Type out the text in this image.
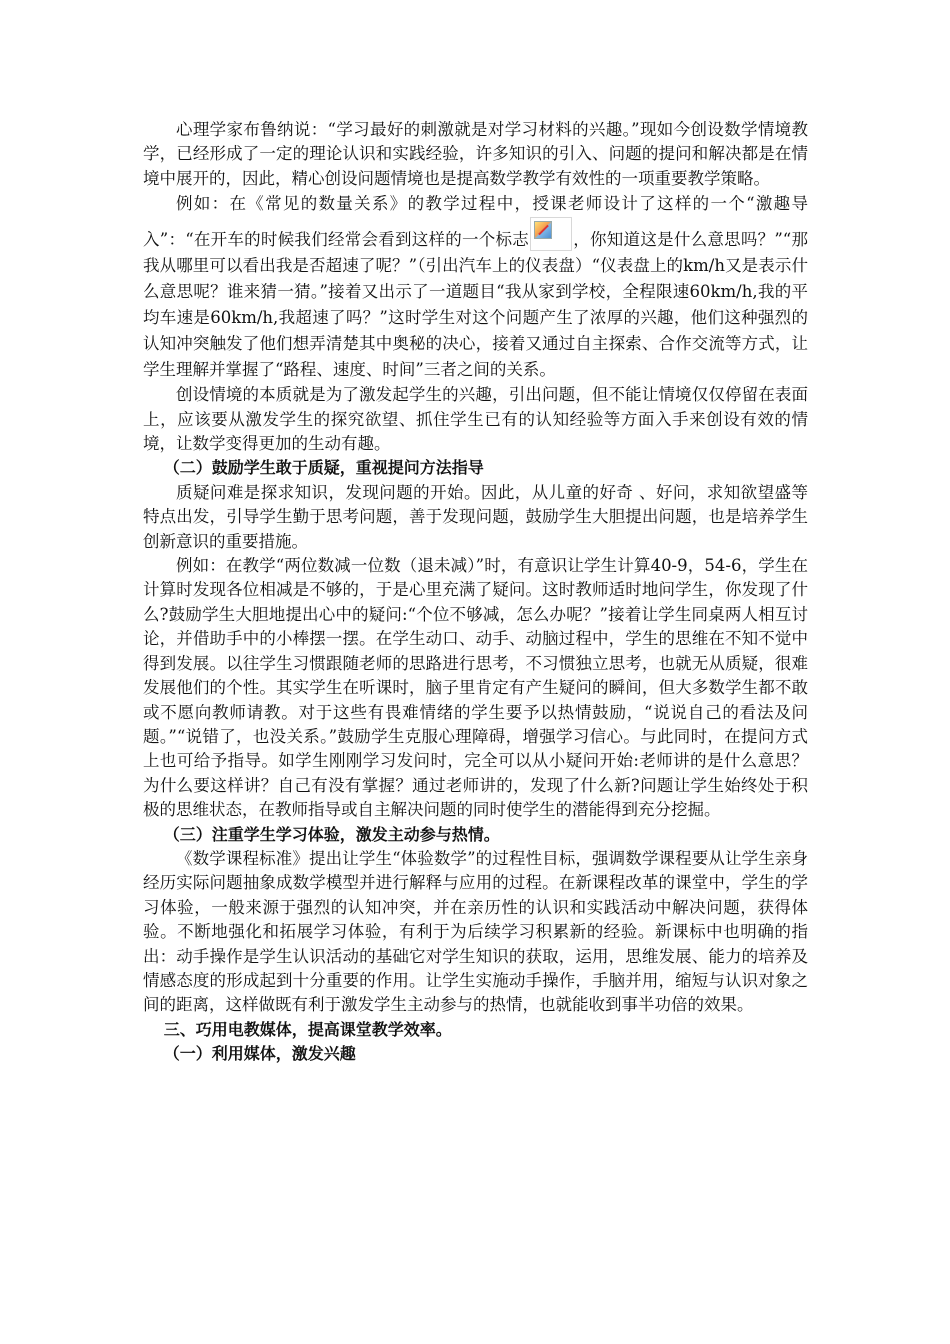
心理学家布鲁纳说：“学习最好的刺激就是对学习材料的兴趣。”现如今创设数学情境教学，已经形成了一定的理论认识和实践经验，许多知识的引入、问题的提问和解决都是在情境中展开的，因此，精心创设问题情境也是提高数学教学有效性的一项重要教学策略。

例如：在《常见的数量关系》的教学过程中，授课老师设计了这样的一个“激趣导入”：“在开车的时候我们经常会看到这样的一个标志	，你知道这是什么意思吗？”“那我从哪里可以看出我是否超速了呢？”（引出汽车上的仪表盘）“仪表盘上的km/h又是表示什么意思呢？谁来猜一猜。”接着又出示了一道题目“我从家到学校，全程限速60km/h,我的平均车速是60km/h,我超速了吗？”这时学生对这个问题产生了浓厚的兴趣，他们这种强烈的认知冲突触发了他们想弄清楚其中奥秘的决心，接着又通过自主探索、合作交流等方式，让学生理解并掌握了“路程、速度、时间”三者之间的关系。

创设情境的本质就是为了激发起学生的兴趣，引出问题，但不能让情境仅仅停留在表面上，应该要从激发学生的探究欲望、抓住学生已有的认知经验等方面入手来创设有效的情境，让数学变得更加的生动有趣。

（二）鼓励学生敢于质疑，重视提问方法指导

质疑问难是探求知识，发现问题的开始。因此，从儿童的好奇 、好问，求知欲望盛等特点出发，引导学生勤于思考问题，善于发现问题，鼓励学生大胆提出问题，也是培养学生创新意识的重要措施。

例如：在教学“两位数减一位数（退未减）”时，有意识让学生计算40-9，54-6，学生在计算时发现各位相减是不够的，于是心里充满了疑问。这时教师适时地问学生，你发现了什么?鼓励学生大胆地提出心中的疑问:“个位不够减，怎么办呢？”接着让学生同桌两人相互讨论，并借助手中的小棒摆一摆。在学生动口、动手、动脑过程中，学生的思维在不知不觉中得到发展。以往学生习惯跟随老师的思路进行思考，不习惯独立思考，也就无从质疑，很难发展他们的个性。其实学生在听课时，脑子里肯定有产生疑问的瞬间，但大多数学生都不敢或不愿向教师请教。对于这些有畏难情绪的学生要予以热情鼓励，“说说自己的看法及问题。”“说错了，也没关系。”鼓励学生克服心理障碍，增强学习信心。与此同时，在提问方式上也可给予指导。如学生刚刚学习发问时，完全可以从小疑问开始:老师讲的是什么意思？为什么要这样讲？自己有没有掌握？通过老师讲的，发现了什么新?问题让学生始终处于积极的思维状态，在教师指导或自主解决问题的同时使学生的潜能得到充分挖掘。

（三）注重学生学习体验，激发主动参与热情。

《数学课程标准》提出让学生“体验数学”的过程性目标，强调数学课程要从让学生亲身经历实际问题抽象成数学模型并进行解释与应用的过程。在新课程改革的课堂中，学生的学习体验，一般来源于强烈的认知冲突，并在亲历性的认识和实践活动中解决问题，获得体验。不断地强化和拓展学习体验，有利于为后续学习积累新的经验。新课标中也明确的指出：动手操作是学生认识活动的基础它对学生知识的获取，运用，思维发展、能力的培养及情感态度的形成起到十分重要的作用。让学生实施动手操作，手脑并用，缩短与认识对象之间的距离，这样做既有利于激发学生主动参与的热情，也就能收到事半功倍的效果。

三、巧用电教媒体，提高课堂教学效率。

（一）利用媒体，激发兴趣
